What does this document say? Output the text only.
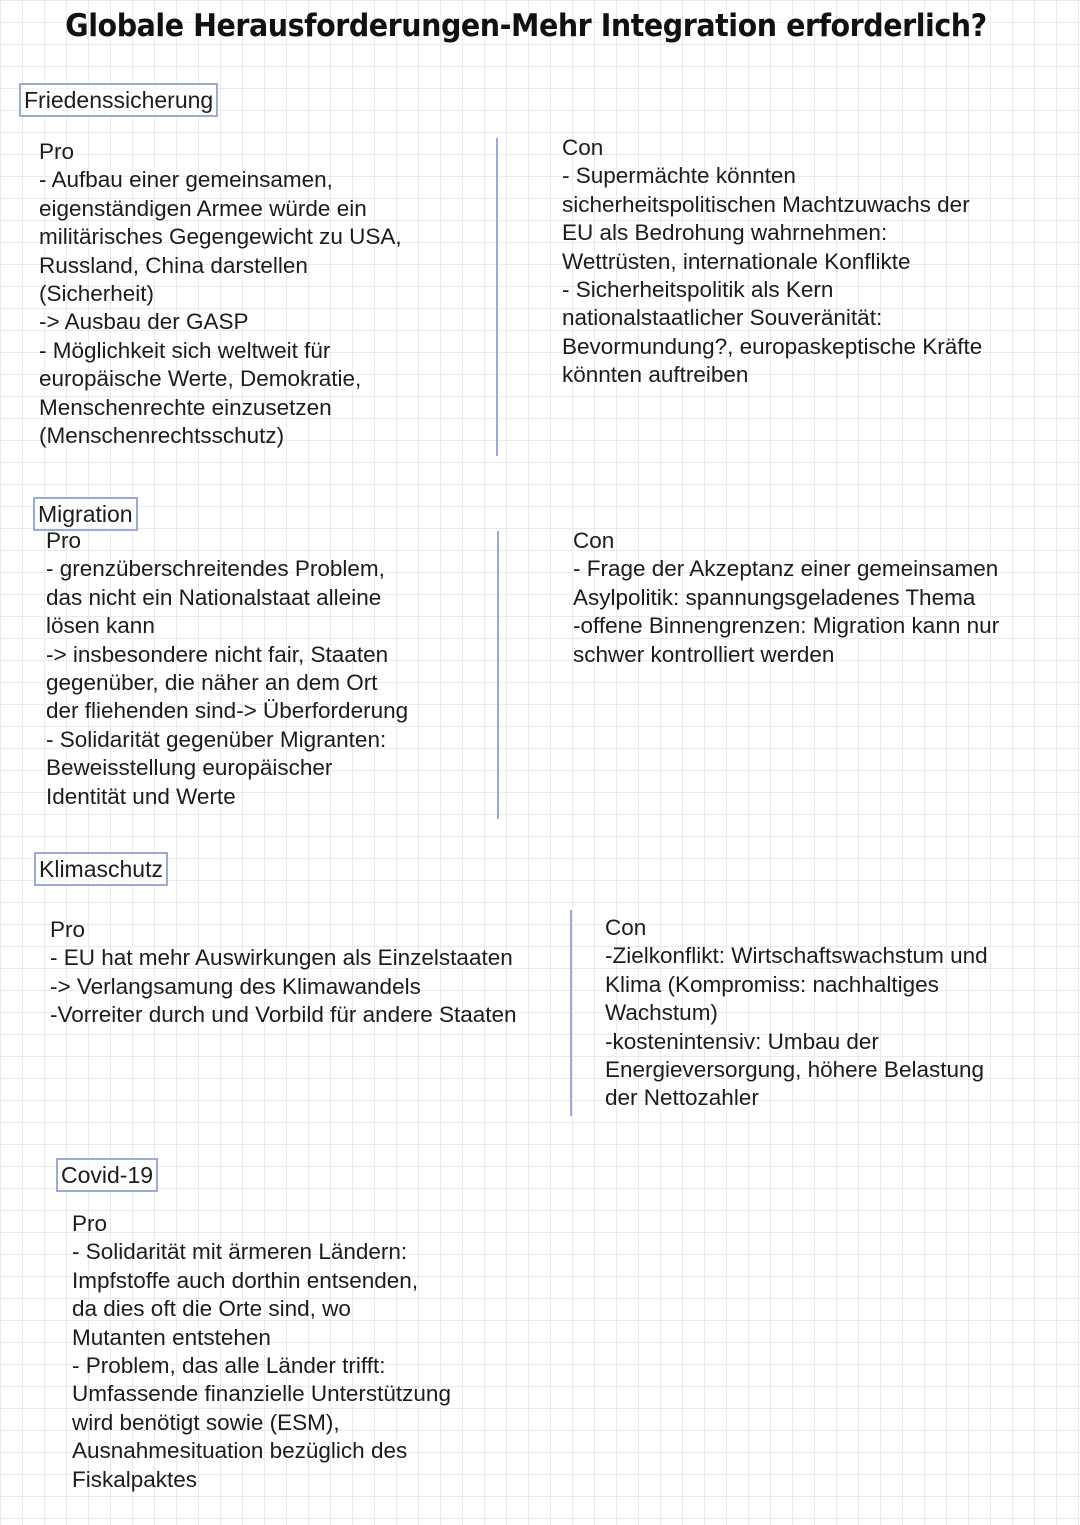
Globale Herausforderungen-Mehr Integration erforderlich?
Friedenssicherung
Pro
- Aufbau einer gemeinsamen,
eigenständigen Armee würde ein
militärisches Gegengewicht zu USA,
Russland, China darstellen
(Sicherheit)
-> Ausbau der GASP
- Möglichkeit sich weltweit für
europäische Werte, Demokratie,
Menschenrechte einzusetzen
(Menschenrechtsschutz)
Con
- Supermächte könnten
sicherheitspolitischen Machtzuwachs der
EU als Bedrohung wahrnehmen:
Wettrüsten, internationale Konflikte
- Sicherheitspolitik als Kern
nationalstaatlicher Souveränität:
Bevormundung?, europaskeptische Kräfte
könnten auftreiben
Migration
Pro
- grenzüberschreitendes Problem,
das nicht ein Nationalstaat alleine
lösen kann
-> insbesondere nicht fair, Staaten
gegenüber, die näher an dem Ort
der fliehenden sind-> Überforderung
- Solidarität gegenüber Migranten:
Beweisstellung europäischer
Identität und Werte
Con
- Frage der Akzeptanz einer gemeinsamen
Asylpolitik: spannungsgeladenes Thema
-offene Binnengrenzen: Migration kann nur
schwer kontrolliert werden
Klimaschutz
Pro
- EU hat mehr Auswirkungen als Einzelstaaten
-> Verlangsamung des Klimawandels
-Vorreiter durch und Vorbild für andere Staaten
Con
-Zielkonflikt: Wirtschaftswachstum und
Klima (Kompromiss: nachhaltiges
Wachstum)
-kostenintensiv: Umbau der
Energieversorgung, höhere Belastung
der Nettozahler
Covid-19
Pro
- Solidarität mit ärmeren Ländern:
Impfstoffe auch dorthin entsenden,
da dies oft die Orte sind, wo
Mutanten entstehen
- Problem, das alle Länder trifft:
Umfassende finanzielle Unterstützung
wird benötigt sowie (ESM),
Ausnahmesituation bezüglich des
Fiskalpaktes
